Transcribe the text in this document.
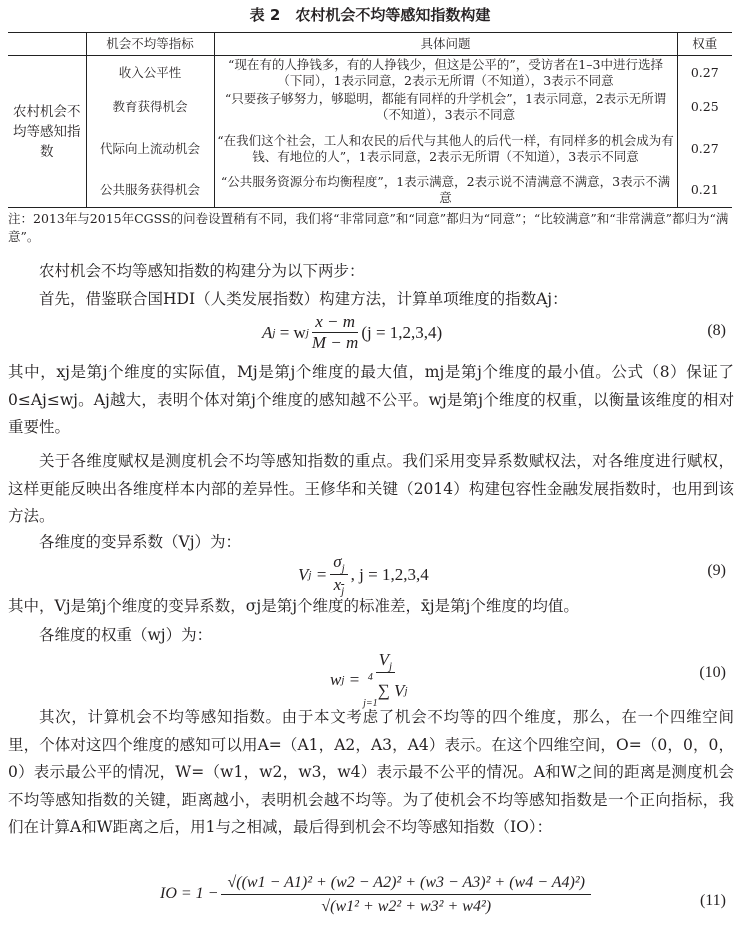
表 2　农村机会不均等感知指数构建
	机会不均等指标	具体问题	权重
农村机会不均等感知指数	收入公平性	“现在有的人挣钱多，有的人挣钱少，但这是公平的”，受访者在1–3中进行选择（下同），1表示同意，2表示无所谓（不知道），3表示不同意	0.27
	教育获得机会	“只要孩子够努力，够聪明，都能有同样的升学机会”，1表示同意，2表示无所谓（不知道），3表示不同意	0.25
	代际向上流动机会	“在我们这个社会，工人和农民的后代与其他人的后代一样，有同样多的机会成为有钱、有地位的人”，1表示同意，2表示无所谓（不知道），3表示不同意	0.27
	公共服务获得机会	“公共服务资源分布均衡程度”，1表示满意，2表示说不清满意不满意，3表示不满意	0.21
注：2013年与2015年CGSS的问卷设置稍有不同，我们将“非常同意”和“同意”都归为“同意”；“比较满意”和“非常满意”都归为“满意”。
农村机会不均等感知指数的构建分为以下两步：
首先，借鉴联合国HDI（人类发展指数）构建方法，计算单项维度的指数Aj：
A j
= w j $\frac{x - m}{M - m} (j = 1,2,3,4)$	(8)
其中，xj是第j个维度的实际值，Mj是第j个维度的最大值，mj是第j个维度的最小值。公式（8）保证了0≤Aj≤wj。Aj越大，表明个体对第j个维度的感知越不公平。wj是第j个维度的权重，以衡量该维度的相对重要性。
关于各维度赋权是测度机会不均等感知指数的重点。我们采用变异系数赋权法，对各维度进行赋权，这样更能反映出各维度样本内部的差异性。王修华和关键（2014）构建包容性金融发展指数时，也用到该方法。
各维度的变异系数（Vj）为：
V $j = \frac{\sigma_j}{x_j}$ , j = 1,2,3,4	(9)
其中，Vj是第j个维度的变异系数，σj是第j个维度的标准差，x̄j是第j个维度的均值。
各维度的权重（wj）为：
w $j = V_j$
4

j=1
∑ V j	(10)
其次，计算机会不均等感知指数。由于本文考虑了机会不均等的四个维度，那么，在一个四维空间里，个体对这四个维度的感知可以用A=（A1，A2，A3，A4）表示。在这个四维空间，O=（0，0，0，0）表示最公平的情况，W=（w1，w2，w3，w4）表示最不公平的情况。A和W之间的距离是测度机会不均等感知指数的关键，距离越小，表明机会越不均等。为了使机会不均等感知指数是一个正向指标，我们在计算A和W距离之后，用1与之相减，最后得到机会不均等感知指数（IO）：
IO = $1 - \frac{\text{√((w1 − A1)² + (w2 − A2)² + (w3 − A3)² + (w4 − A4)²)}}{\text{√(w1² + w2² + w3² + w4²)}}$	(11)
